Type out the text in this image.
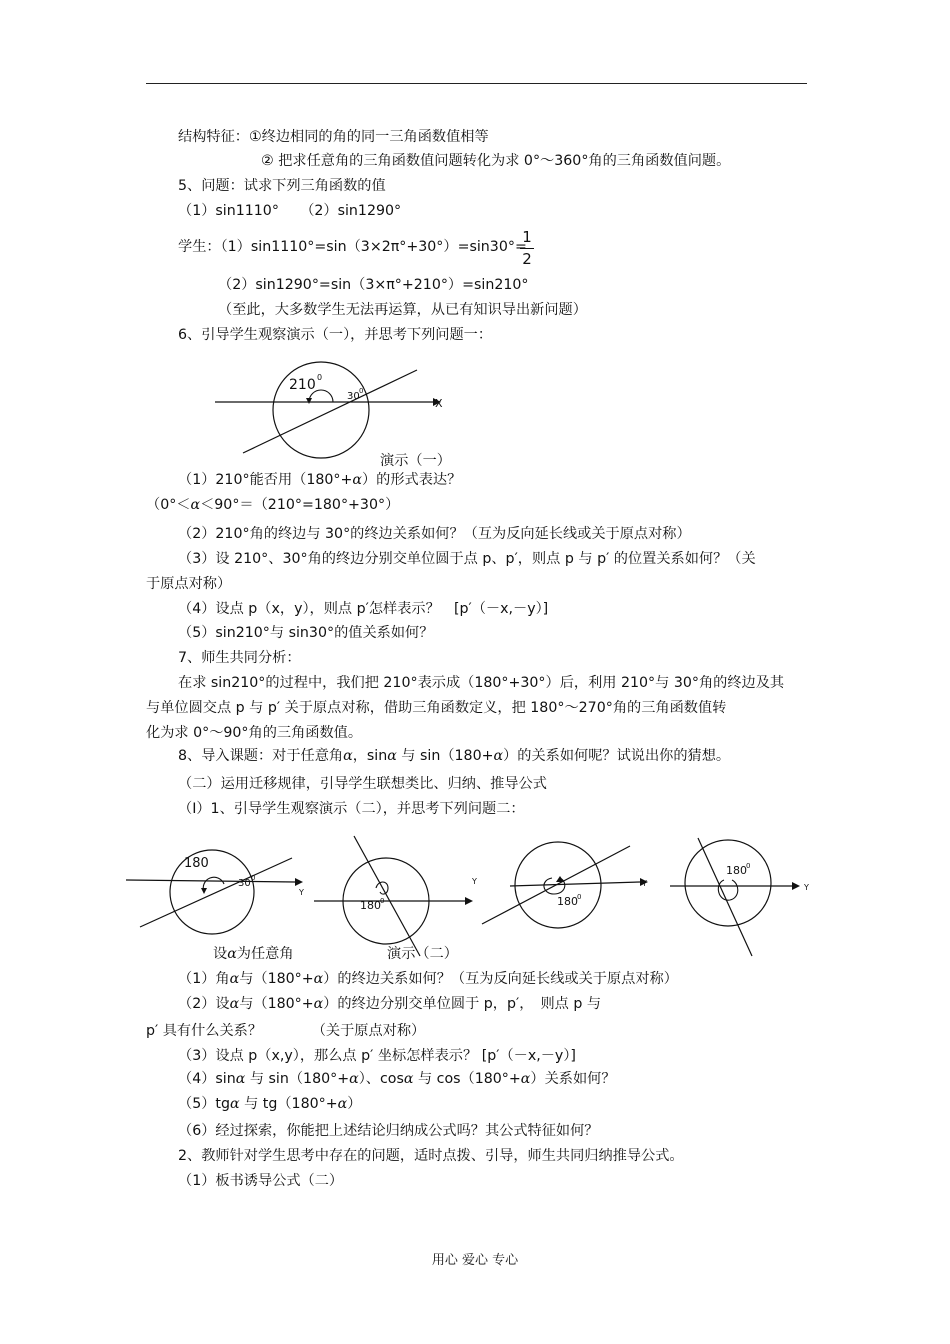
结构特征：①终边相同的角的同一三角函数值相等
② 把求任意角的三角函数值问题转化为求 0°～360°角的三角函数值问题。
5、问题：试求下列三角函数的值
（1）sin1110°　　（2）sin1290°
学生：（1）sin1110°=sin（3×2π°+30°）=sin30°=
1
2
（2）sin1290°=sin（3×π°+210°）=sin210°
（至此，大多数学生无法再运算，从已有知识导出新问题）
6、引导学生观察演示（一），并思考下列问题一：
210 0
30 0
X
演示（一）
（1）210°能否用（180°+α）的形式表达？
（0°＜α＜90°＝（210°=180°+30°）
（2）210°角的终边与 30°的终边关系如何？（互为反向延长线或关于原点对称）
（3）设 210°、30°角的终边分别交单位圆于点 p、p′，则点 p 与 p′ 的位置关系如何？（关
于原点对称）
（4）设点 p（x，y），则点 p′怎样表示？　[p′（－x,－y）]
（5）sin210°与 sin30°的值关系如何？
7、师生共同分析：
在求 sin210°的过程中，我们把 210°表示成（180°+30°）后，利用 210°与 30°角的终边及其
与单位圆交点 p 与 p′ 关于原点对称，借助三角函数定义，把 180°～270°角的三角函数值转
化为求 0°～90°角的三角函数值。
8、导入课题：对于任意角α，sinα 与 sin（180+α）的关系如何呢？试说出你的猜想。
（二）运用迁移规律，引导学生联想类比、归纳、推导公式
（Ⅰ）1、引导学生观察演示（二），并思考下列问题二：
180
30 0
Y
180 0	180 0
Y	Y
180 0
Y
设α为任意角	演示（二）
（1）角α与（180°+α）的终边关系如何？（互为反向延长线或关于原点对称）
（2）设α与（180°+α）的终边分别交单位圆于 p，p′，　则点 p 与
p′ 具有什么关系？　　　　（关于原点对称）
（3）设点 p（x,y），那么点 p′ 坐标怎样表示？ [p′（－x,－y）]
（4）sinα 与 sin（180°+α）、cosα 与 cos（180°+α）关系如何？
（5）tgα 与 tg（180°+α）
（6）经过探索，你能把上述结论归纳成公式吗？其公式特征如何？
2、教师针对学生思考中存在的问题，适时点拨、引导，师生共同归纳推导公式。
（1）板书诱导公式（二）
用心 爱心 专心
